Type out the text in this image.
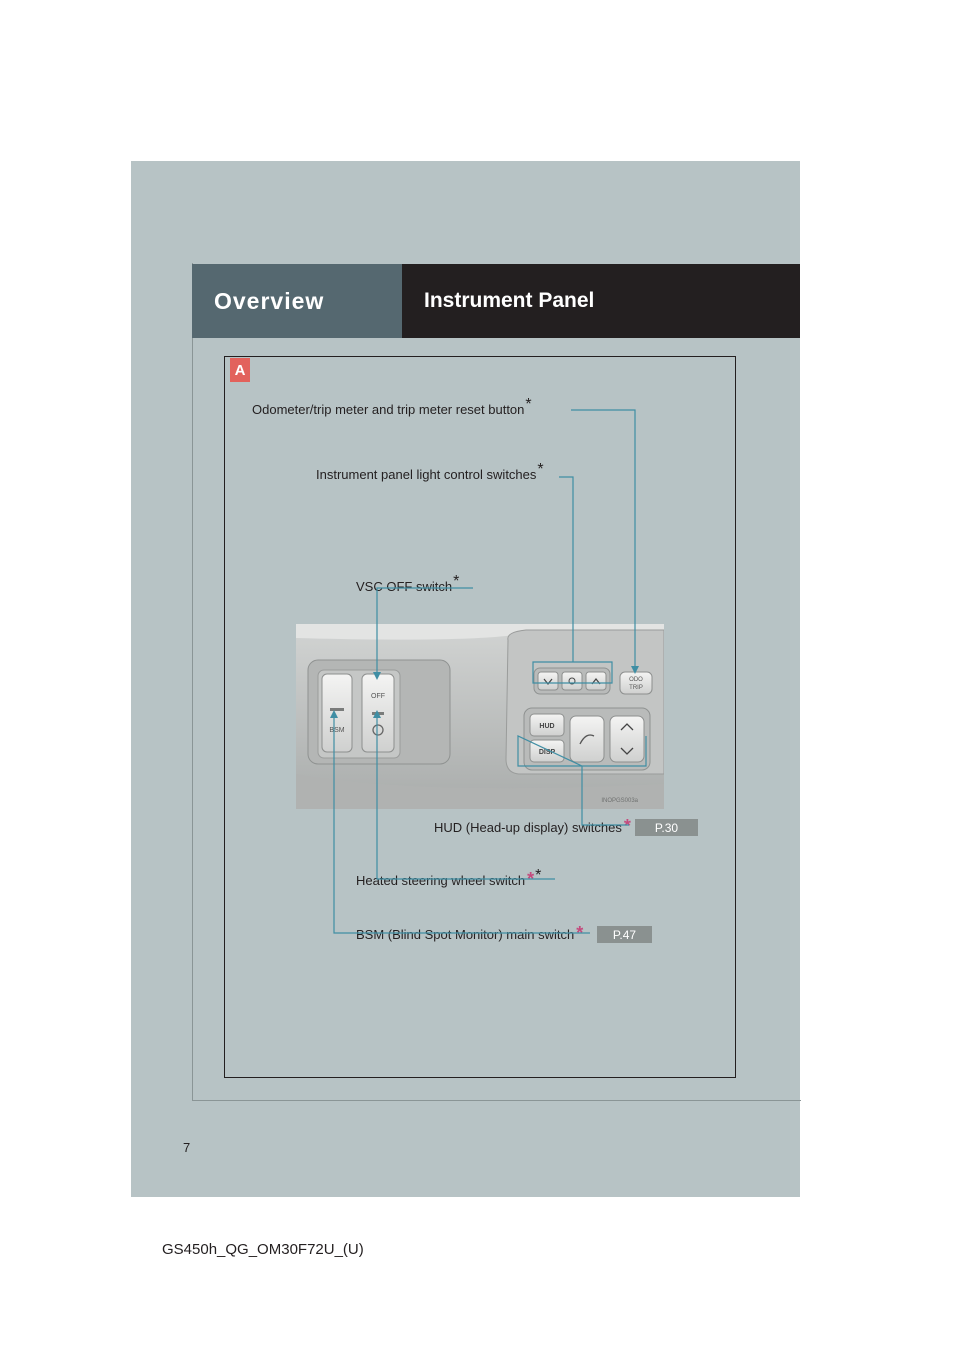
Overview	Instrument Panel
A
Odometer/trip meter and trip meter reset button*
Instrument panel light control switches*
VSC OFF switch*
HUD (Head-up display) switches *	P.30
Heated steering wheel switch **
BSM (Blind Spot Monitor) main switch *	P.47
BSM
OFF
ODO
TRIP
HUD
DISP
INOPGS003a
7
GS450h_QG_OM30F72U_(U)
